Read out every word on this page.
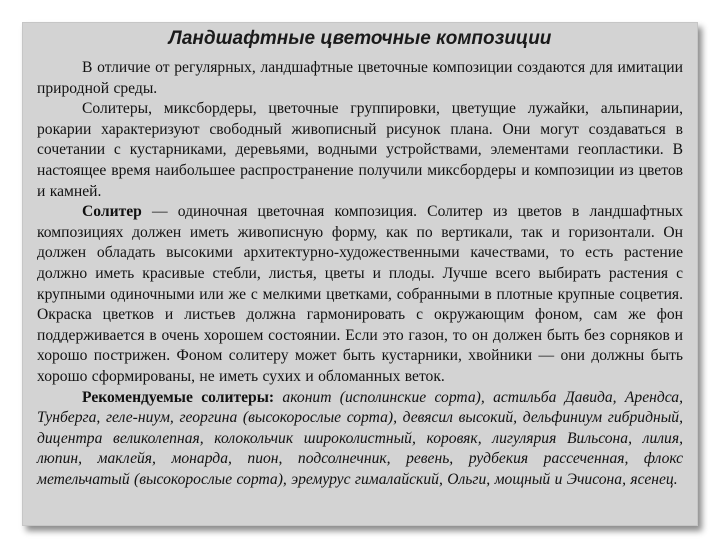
Ландшафтные цветочные композиции

В отличие от регулярных, ландшафтные цветочные композиции создаются для имитации природной среды.

Солитеры, миксбордеры, цветочные группировки, цветущие лужайки, альпинарии, рокарии характеризуют свободный живописный рисунок плана. Они могут создаваться в сочетании с кустарниками, деревьями, водными устройствами, элементами геопластики. В настоящее время наибольшее распространение получили миксбордеры и композиции из цветов и камней.

Солитер — одиночная цветочная композиция. Солитер из цветов в ландшафтных композициях должен иметь живописную форму, как по вертикали, так и горизонтали. Он должен обладать высокими архитектурно-художественными качествами, то есть растение должно иметь красивые стебли, листья, цветы и плоды. Лучше всего выбирать растения с крупными одиночными или же с мелкими цветками, собранными в плотные крупные соцветия. Окраска цветков и листьев должна гармонировать с окружающим фоном, сам же фон поддерживается в очень хорошем состоянии. Если это газон, то он должен быть без сорняков и хорошо пострижен. Фоном солитеру может быть кустарники, хвойники — они должны быть хорошо сформированы, не иметь сухих и обломанных веток.

Рекомендуемые солитеры: аконит (исполинские сорта), астильба Давида, Арендса, Тунберга, геле-ниум, георгина (высокорослые сорта), девясил высокий, дельфиниум гибридный, дицентра великолепная, колокольчик широколистный, коровяк, лигулярия Вильсона, лилия, люпин, маклейя, монарда, пион, подсолнечник, ревень, рудбекия рассеченная, флокс метельчатый (высокорослые сорта), эремурус гималайский, Ольги, мощный и Эчисона, ясенец.
